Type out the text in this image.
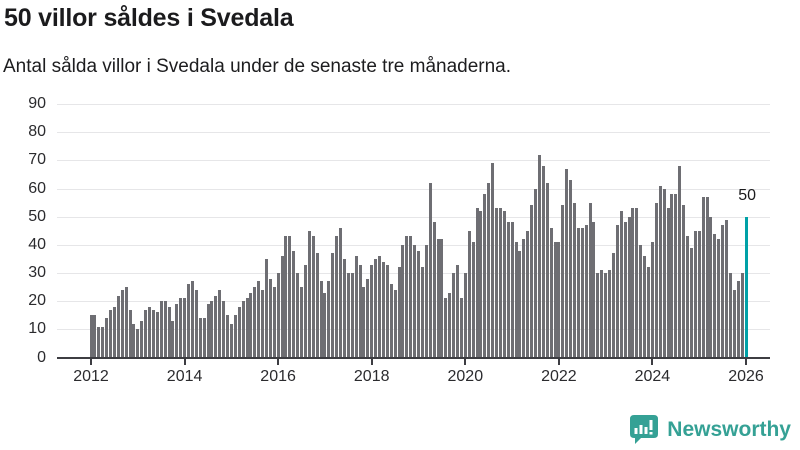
50 villor såldes i Svedala

Antal sålda villor i Svedala under de senaste tre månaderna.

0
10
20
30
40
50
60
70
80
90
2012	2014	2016	2018	2020	2022	2024	2026
50
Newsworthy
